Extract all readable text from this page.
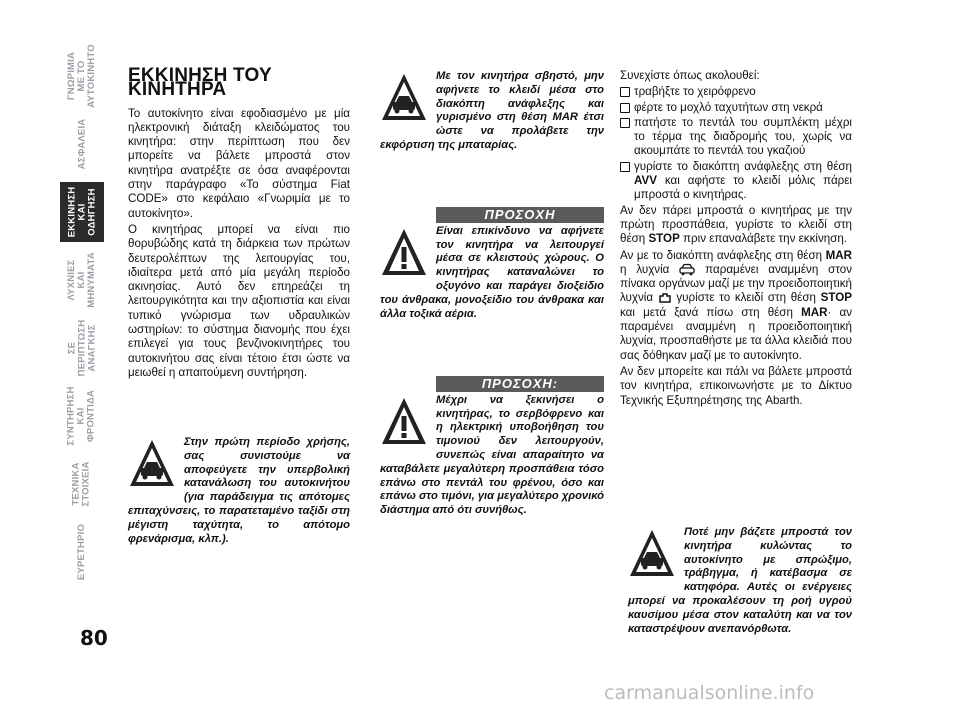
ΓΝΩΡΙΜΙΑ ΜΕ ΤΟ ΑΥΤΟΚΙΝΗΤΟ
ΑΣΦΑΛΕΙΑ
ΕΚΚΙΝΗΣΗ ΚΑΙ ΟΔΗΓΗΣΗ
ΛΥΧΝΙΕΣ ΚΑΙ ΜΗΝΥΜΑΤΑ
ΣΕ ΠΕΡΙΠΤΩΣΗ ΑΝΑΓΚΗΣ
ΣΥΝΤΗΡΗΣΗ ΚΑΙ ΦΡΟΝΤΙΔΑ
ΤΕΧΝΙΚΑ ΣΤΟΙΧΕΙΑ
ΕΥΡΕΤΗΡΙΟ
80
ΕΚΚΙΝΗΣΗ ΤΟΥ ΚΙΝΗΤΗΡΑ

Το αυτοκίνητο είναι εφοδιασμένο με μία ηλεκτρονική διάταξη κλειδώματος του κινητήρα: στην περίπτωση που δεν μπορείτε να βάλετε μπροστά στον κινητήρα ανατρέξτε σε όσα αναφέρονται στην παράγραφο «Το σύστημα Fiat CODE» στο κεφάλαιο «Γνωριμία με το αυτοκίνητο».

Ο κινητήρας μπορεί να είναι πιο θορυβώδης κατά τη διάρκεια των πρώτων δευτερολέπτων της λειτουργίας του, ιδιαίτερα μετά από μία μεγάλη περίοδο ακινησίας. Αυτό δεν επηρεάζει τη λειτουργικότητα και την αξιοπιστία και είναι τυπικό γνώρισμα των υδραυλικών ωστηρίων: το σύστημα διανομής που έχει επιλεγεί για τους βενζινοκινητήρες του αυτοκινήτου σας είναι τέτοιο έτσι ώστε να μειωθεί η απαιτούμενη συντήρηση.

Στην πρώτη περίοδο χρήσης, σας συνιστούμε να αποφεύγετε την υπερβολική κατανάλωση του αυτοκινήτου (για παράδειγμα τις απότομες επιταχύνσεις, το παρατεταμένο ταξίδι στη μέγιστη ταχύτητα, το απότομο φρενάρισμα, κλπ.).
Με τον κινητήρα σβηστό, μην αφήνετε το κλειδί μέσα στο διακόπτη ανάφλεξης και γυρισμένο στη θέση MAR έτσι ώστε να προλάβετε την εκφόρτιση της μπαταρίας.
ΠΡΟΣΟΧΗ
Είναι επικίνδυνο να αφήνετε τον κινητήρα να λειτουργεί μέσα σε κλειστούς χώρους. Ο κινητήρας καταναλώνει το οξυγόνο και παράγει διοξείδιο του άνθρακα, μονοξείδιο του άνθρακα και άλλα τοξικά αέρια.
ΠΡΟΣΟΧΗ:
Μέχρι να ξεκινήσει ο κινητήρας, το σερβόφρενο και η ηλεκτρική υποβοήθηση του τιμονιού δεν λειτουργούν, συνεπώς είναι απαραίτητο να καταβάλετε μεγαλύτερη προσπάθεια τόσο επάνω στο πεντάλ του φρένου, όσο και επάνω στο τιμόνι, για μεγαλύτερο χρονικό διάστημα από ότι συνήθως.

Συνεχίστε όπως ακολουθεί:

τραβήξτε το χειρόφρενο
φέρτε το μοχλό ταχυτήτων στη νεκρά
πατήστε το πεντάλ του συμπλέκτη μέχρι το τέρμα της διαδρομής του, χωρίς να ακουμπάτε το πεντάλ του γκαζιού
γυρίστε το διακόπτη ανάφλεξης στη θέση AVV και αφήστε το κλειδί μόλις πάρει μπροστά ο κινητήρας.

Αν δεν πάρει μπροστά ο κινητήρας με την πρώτη προσπάθεια, γυρίστε το κλειδί στη θέση STOP πριν επαναλάβετε την εκκίνηση.

Αν με το διακόπτη ανάφλεξης στη θέση MAR η λυχνία  παραμένει αναμμένη στον πίνακα οργάνων μαζί με την προειδοποιητική λυχνία  γυρίστε το κλειδί στη θέση STOP και μετά ξανά πίσω στη θέση MAR· αν παραμένει αναμμένη η προειδοποιητική λυχνία, προσπαθήστε με τα άλλα κλειδιά που σας δόθηκαν μαζί με το αυτοκίνητο.

Αν δεν μπορείτε και πάλι να βάλετε μπροστά τον κινητήρα, επικοινωνήστε με το Δίκτυο Τεχνικής Εξυπηρέτησης της Abarth.

Ποτέ μην βάζετε μπροστά τον κινητήρα κυλώντας το αυτοκίνητο με σπρώξιμο, τράβηγμα, ή κατέβασμα σε κατηφόρα. Αυτές οι ενέργειες μπορεί να προκαλέσουν τη ροή υγρού καυσίμου μέσα στον καταλύτη και να τον καταστρέψουν ανεπανόρθωτα.
carmanualsonline.info
